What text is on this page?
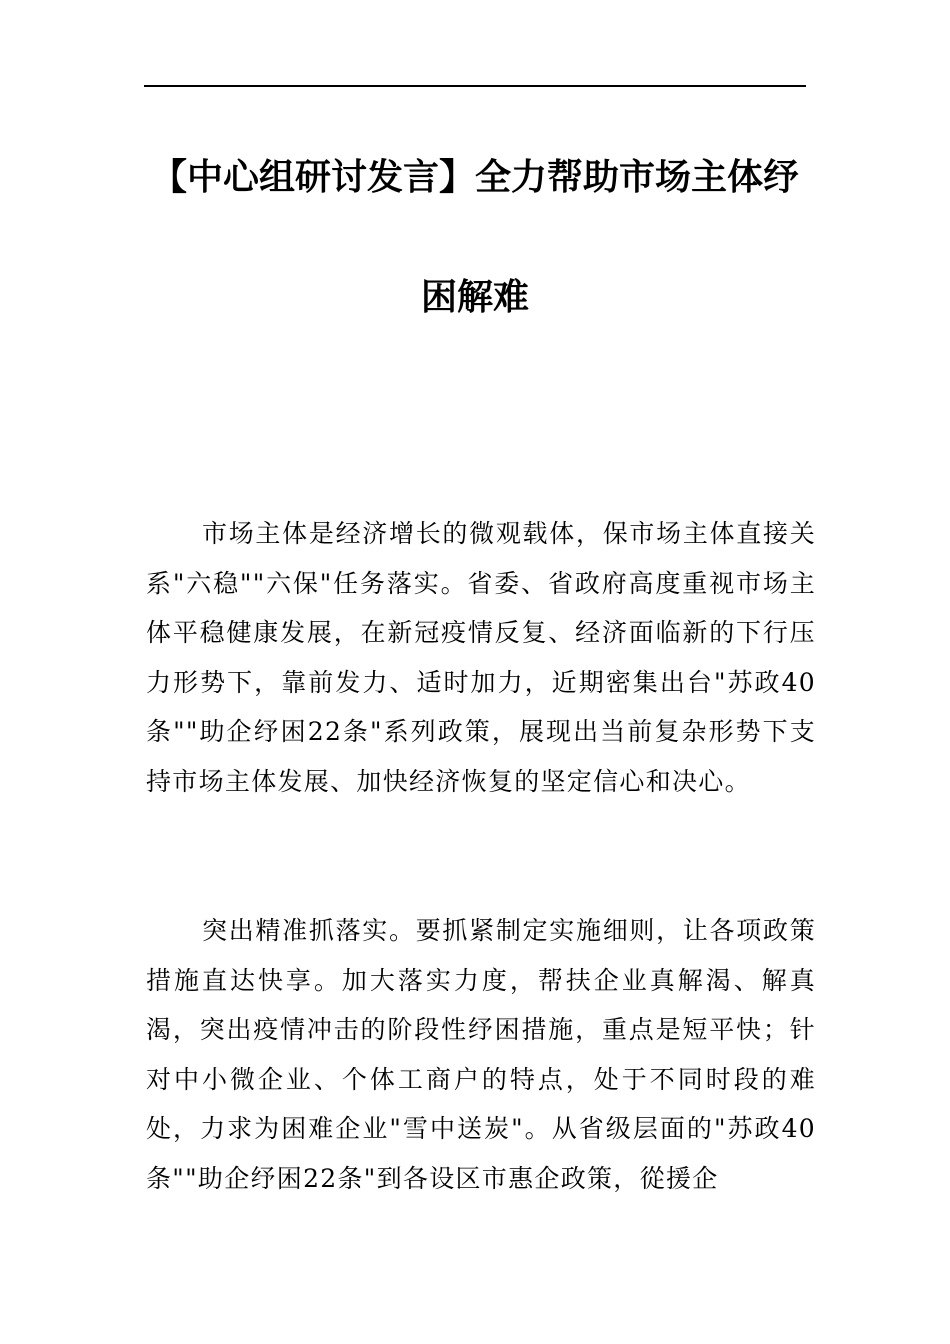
【中心组研讨发言】全力帮助市场主体纾
困解难

市场主体是经济增长的微观载体，保市场主体直接关系"六稳""六保"任务落实。省委、省政府高度重视市场主体平稳健康发展，在新冠疫情反复、经济面临新的下行压力形势下，靠前发力、适时加力，近期密集出台"苏政40条""助企纾困22条"系列政策，展现出当前复杂形势下支持市场主体发展、加快经济恢复的坚定信心和决心。

突出精准抓落实。要抓紧制定实施细则，让各项政策措施直达快享。加大落实力度，帮扶企业真解渴、解真渴，突出疫情冲击的阶段性纾困措施，重点是短平快；针对中小微企业、个体工商户的特点，处于不同时段的难处，力求为困难企业"雪中送炭"。从省级层面的"苏政40条""助企纾困22条"到各设区市惠企政策，從援企
